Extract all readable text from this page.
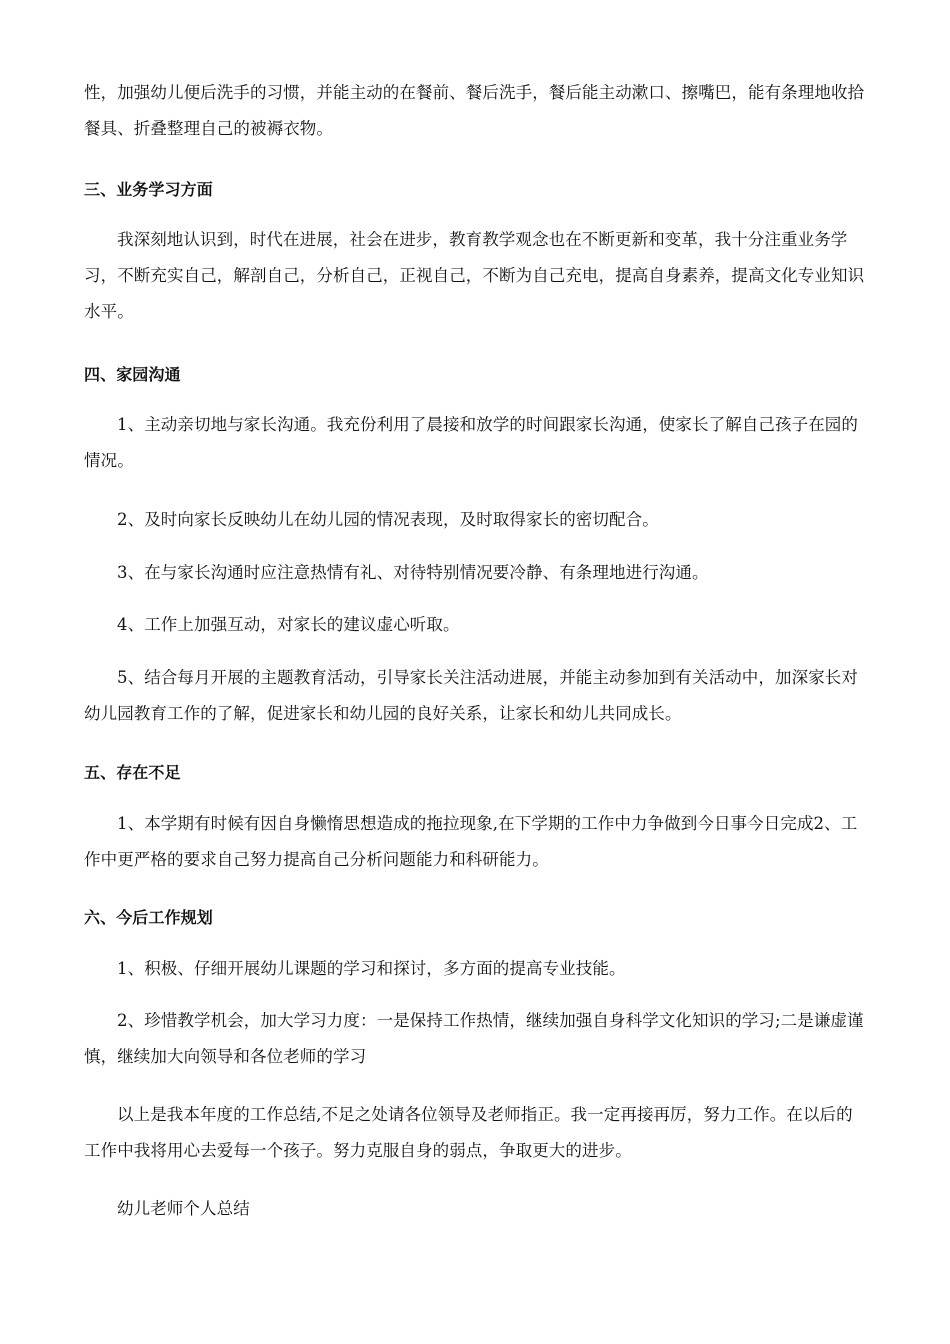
性，加强幼儿便后洗手的习惯，并能主动的在餐前、餐后洗手，餐后能主动漱口、擦嘴巴，能有条理地收拾餐具、折叠整理自己的被褥衣物。

三、业务学习方面

我深刻地认识到，时代在进展，社会在进步，教育教学观念也在不断更新和变革，我十分注重业务学习，不断充实自己，解剖自己，分析自己，正视自己，不断为自己充电，提高自身素养，提高文化专业知识水平。

四、家园沟通

1、主动亲切地与家长沟通。我充份利用了晨接和放学的时间跟家长沟通，使家长了解自己孩子在园的情况。

2、及时向家长反映幼儿在幼儿园的情况表现，及时取得家长的密切配合。

3、在与家长沟通时应注意热情有礼、对待特别情况要冷静、有条理地进行沟通。

4、工作上加强互动，对家长的建议虚心听取。

5、结合每月开展的主题教育活动，引导家长关注活动进展，并能主动参加到有关活动中，加深家长对幼儿园教育工作的了解，促进家长和幼儿园的良好关系，让家长和幼儿共同成长。

五、存在不足

1、本学期有时候有因自身懒惰思想造成的拖拉现象,在下学期的工作中力争做到今日事今日完成2、工作中更严格的要求自己努力提高自己分析问题能力和科研能力。

六、今后工作规划

1、积极、仔细开展幼儿课题的学习和探讨，多方面的提高专业技能。

2、珍惜教学机会，加大学习力度：一是保持工作热情，继续加强自身科学文化知识的学习;二是谦虚谨慎，继续加大向领导和各位老师的学习

以上是我本年度的工作总结,不足之处请各位领导及老师指正。我一定再接再厉，努力工作。在以后的工作中我将用心去爱每一个孩子。努力克服自身的弱点，争取更大的进步。

幼儿老师个人总结
